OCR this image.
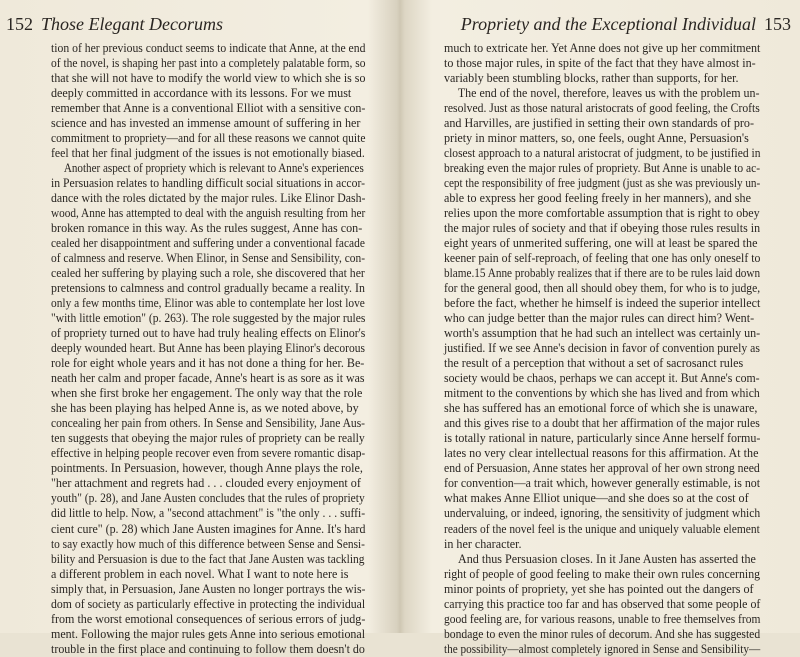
152 Those Elegant Decorums
tion of her previous conduct seems to indicate that Anne, at the end
of the novel, is shaping her past into a completely palatable form, so
that she will not have to modify the world view to which she is so
deeply committed in accordance with its lessons. For we must
remember that Anne is a conventional Elliot with a sensitive con-
science and has invested an immense amount of suffering in her
commitment to propriety—and for all these reasons we cannot quite
feel that her final judgment of the issues is not emotionally biased.
Another aspect of propriety which is relevant to Anne's experiences
in Persuasion relates to handling difficult social situations in accor-
dance with the roles dictated by the major rules. Like Elinor Dash-
wood, Anne has attempted to deal with the anguish resulting from her
broken romance in this way. As the rules suggest, Anne has con-
cealed her disappointment and suffering under a conventional facade
of calmness and reserve. When Elinor, in Sense and Sensibility, con-
cealed her suffering by playing such a role, she discovered that her
pretensions to calmness and control gradually became a reality. In
only a few months time, Elinor was able to contemplate her lost love
"with little emotion" (p. 263). The role suggested by the major rules
of propriety turned out to have had truly healing effects on Elinor's
deeply wounded heart. But Anne has been playing Elinor's decorous
role for eight whole years and it has not done a thing for her. Be-
neath her calm and proper facade, Anne's heart is as sore as it was
when she first broke her engagement. The only way that the role
she has been playing has helped Anne is, as we noted above, by
concealing her pain from others. In Sense and Sensibility, Jane Aus-
ten suggests that obeying the major rules of propriety can be really
effective in helping people recover even from severe romantic disap-
pointments. In Persuasion, however, though Anne plays the role,
"her attachment and regrets had . . . clouded every enjoyment of
youth" (p. 28), and Jane Austen concludes that the rules of propriety
did little to help. Now, a "second attachment" is "the only . . . suffi-
cient cure" (p. 28) which Jane Austen imagines for Anne. It's hard
to say exactly how much of this difference between Sense and Sensi-
bility and Persuasion is due to the fact that Jane Austen was tackling
a different problem in each novel. What I want to note here is
simply that, in Persuasion, Jane Austen no longer portrays the wis-
dom of society as particularly effective in protecting the individual
from the worst emotional consequences of serious errors of judg-
ment. Following the major rules gets Anne into serious emotional
trouble in the first place and continuing to follow them doesn't do
Propriety and the Exceptional Individual 153
much to extricate her. Yet Anne does not give up her commitment
to those major rules, in spite of the fact that they have almost in-
variably been stumbling blocks, rather than supports, for her.
The end of the novel, therefore, leaves us with the problem un-
resolved. Just as those natural aristocrats of good feeling, the Crofts
and Harvilles, are justified in setting their own standards of pro-
priety in minor matters, so, one feels, ought Anne, Persuasion's
closest approach to a natural aristocrat of judgment, to be justified in
breaking even the major rules of propriety. But Anne is unable to ac-
cept the responsibility of free judgment (just as she was previously un-
able to express her good feeling freely in her manners), and she
relies upon the more comfortable assumption that is right to obey
the major rules of society and that if obeying those rules results in
eight years of unmerited suffering, one will at least be spared the
keener pain of self-reproach, of feeling that one has only oneself to
blame.15 Anne probably realizes that if there are to be rules laid down
for the general good, then all should obey them, for who is to judge,
before the fact, whether he himself is indeed the superior intellect
who can judge better than the major rules can direct him? Went-
worth's assumption that he had such an intellect was certainly un-
justified. If we see Anne's decision in favor of convention purely as
the result of a perception that without a set of sacrosanct rules
society would be chaos, perhaps we can accept it. But Anne's com-
mitment to the conventions by which she has lived and from which
she has suffered has an emotional force of which she is unaware,
and this gives rise to a doubt that her affirmation of the major rules
is totally rational in nature, particularly since Anne herself formu-
lates no very clear intellectual reasons for this affirmation. At the
end of Persuasion, Anne states her approval of her own strong need
for convention—a trait which, however generally estimable, is not
what makes Anne Elliot unique—and she does so at the cost of
undervaluing, or indeed, ignoring, the sensitivity of judgment which
readers of the novel feel is the unique and uniquely valuable element
in her character.
And thus Persuasion closes. In it Jane Austen has asserted the
right of people of good feeling to make their own rules concerning
minor points of propriety, yet she has pointed out the dangers of
carrying this practice too far and has observed that some people of
good feeling are, for various reasons, unable to free themselves from
bondage to even the minor rules of decorum. And she has suggested
the possibility—almost completely ignored in Sense and Sensibility—
